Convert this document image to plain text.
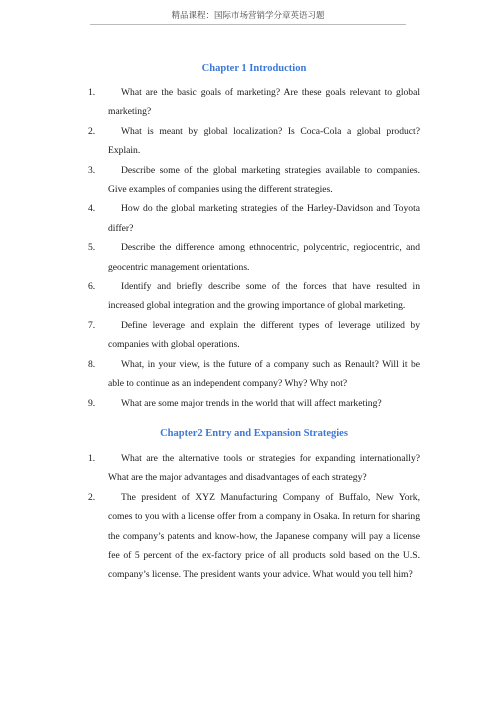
精品课程：国际市场营销学分章英语习题
Chapter 1 Introduction
1.	What are the basic goals of marketing? Are these goals relevant to global marketing?
2.	What is meant by global localization? Is Coca-Cola a global product? Explain.
3.	Describe some of the global marketing strategies available to companies. Give examples of companies using the different strategies.
4.	How do the global marketing strategies of the Harley-Davidson and Toyota differ?
5.	Describe the difference among ethnocentric, polycentric, regiocentric, and geocentric management orientations.
6.	Identify and briefly describe some of the forces that have resulted in increased global integration and the growing importance of global marketing.
7.	Define leverage and explain the different types of leverage utilized by companies with global operations.
8.	What, in your view, is the future of a company such as Renault? Will it be able to continue as an independent company? Why? Why not?
9.	What are some major trends in the world that will affect marketing?
Chapter2 Entry and Expansion Strategies
1.	What are the alternative tools or strategies for expanding internationally? What are the major advantages and disadvantages of each strategy?
2.	The president of XYZ Manufacturing Company of Buffalo, New York, comes to you with a license offer from a company in Osaka. In return for sharing the company’s patents and know-how, the Japanese company will pay a license fee of 5 percent of the ex-factory price of all products sold based on the U.S. company’s license. The president wants your advice. What would you tell him?
